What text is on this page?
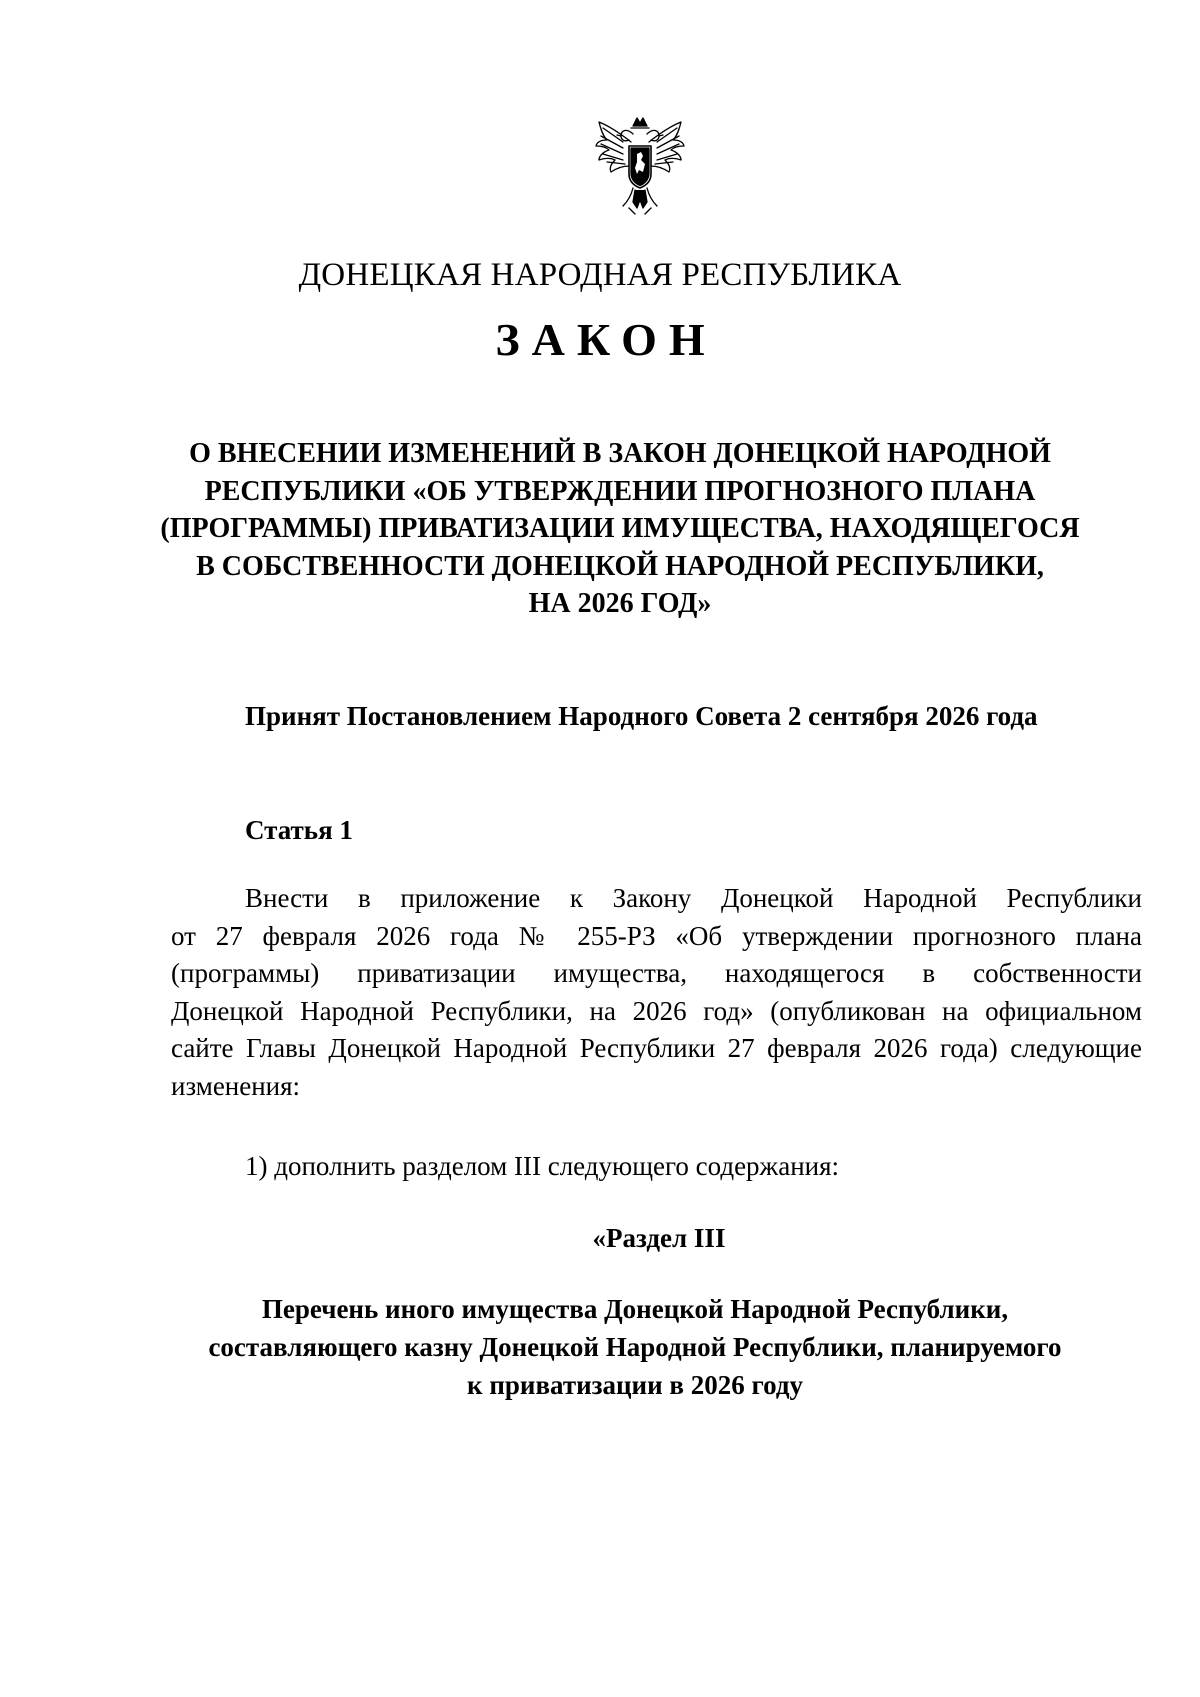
ДОНЕЦКАЯ НАРОДНАЯ РЕСПУБЛИКА
ЗАКОН
О ВНЕСЕНИИ ИЗМЕНЕНИЙ В ЗАКОН ДОНЕЦКОЙ НАРОДНОЙ
РЕСПУБЛИКИ «ОБ УТВЕРЖДЕНИИ ПРОГНОЗНОГО ПЛАНА
(ПРОГРАММЫ) ПРИВАТИЗАЦИИ ИМУЩЕСТВА, НАХОДЯЩЕГОСЯ
В СОБСТВЕННОСТИ ДОНЕЦКОЙ НАРОДНОЙ РЕСПУБЛИКИ,
НА 2026 ГОД»
Принят Постановлением Народного Совета 2 сентября 2026 года
Статья 1
Внести в приложение к Закону Донецкой Народной Республики
от 27 февраля 2026 года № 255-РЗ «Об утверждении прогнозного плана
(программы) приватизации имущества, находящегося в собственности
Донецкой Народной Республики, на 2026 год» (опубликован на официальном
сайте Главы Донецкой Народной Республики 27 февраля 2026 года) следующие
изменения:
1) дополнить разделом III следующего содержания:
«Раздел III
Перечень иного имущества Донецкой Народной Республики,
составляющего казну Донецкой Народной Республики, планируемого
к приватизации в 2026 году
